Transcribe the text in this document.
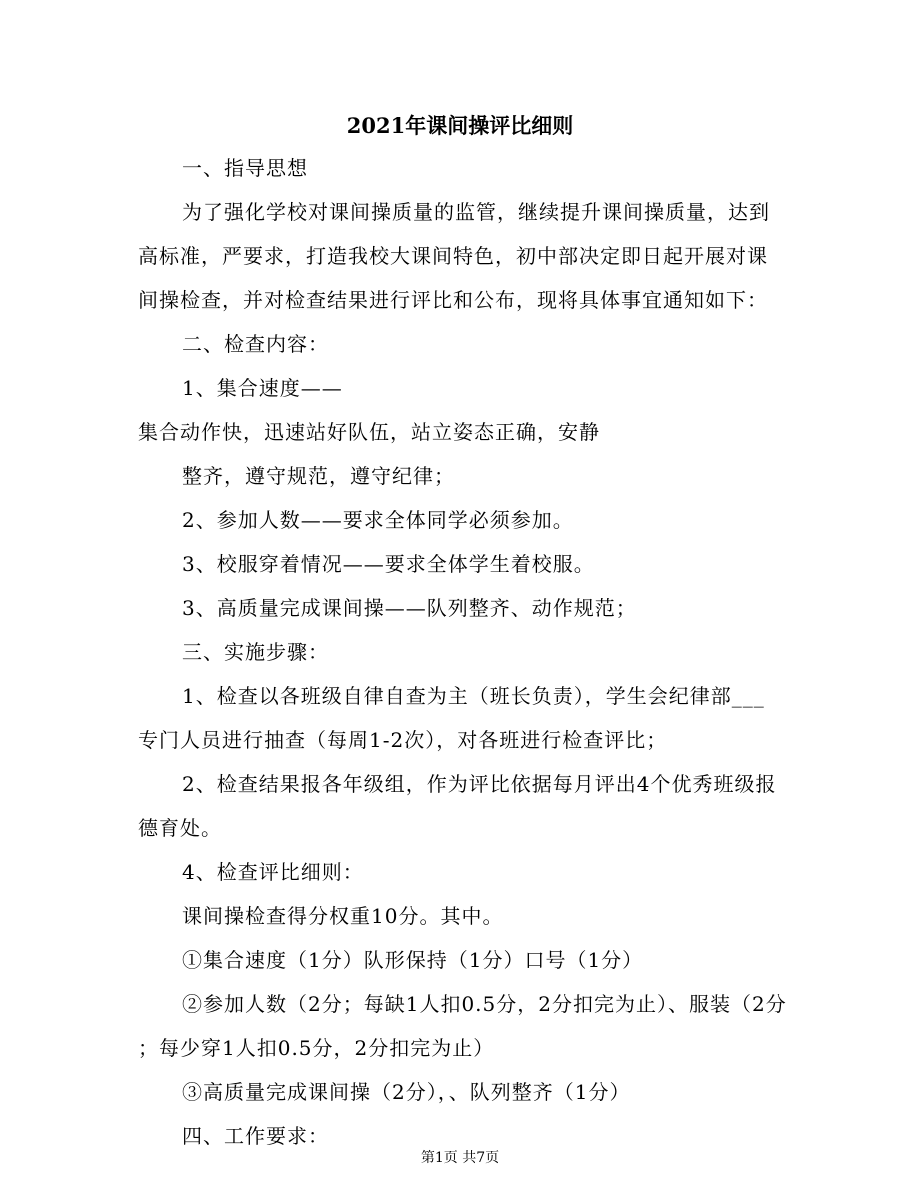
2021年课间操评比细则
一、指导思想
为了强化学校对课间操质量的监管，继续提升课间操质量，达到
高标准，严要求，打造我校大课间特色，初中部决定即日起开展对课
间操检查，并对检查结果进行评比和公布，现将具体事宜通知如下：
二、检查内容：
1、集合速度——
集合动作快，迅速站好队伍，站立姿态正确，安静
整齐，遵守规范，遵守纪律；
2、参加人数——要求全体同学必须参加。
3、校服穿着情况——要求全体学生着校服。
3、高质量完成课间操——队列整齐、动作规范；
三、实施步骤：
1、检查以各班级自律自查为主（班长负责），学生会纪律部___
专门人员进行抽查（每周1-2次），对各班进行检查评比；
2、检查结果报各年级组，作为评比依据每月评出4个优秀班级报
德育处。
4、检查评比细则：
课间操检查得分权重10分。其中。
①集合速度（1分）队形保持（1分）口号（1分）
②参加人数（2分；每缺1人扣0.5分，2分扣完为止）、服装（2分
；每少穿1人扣0.5分，2分扣完为止）
③高质量完成课间操（2分），、队列整齐（1分）
四、工作要求：
第1页 共7页
